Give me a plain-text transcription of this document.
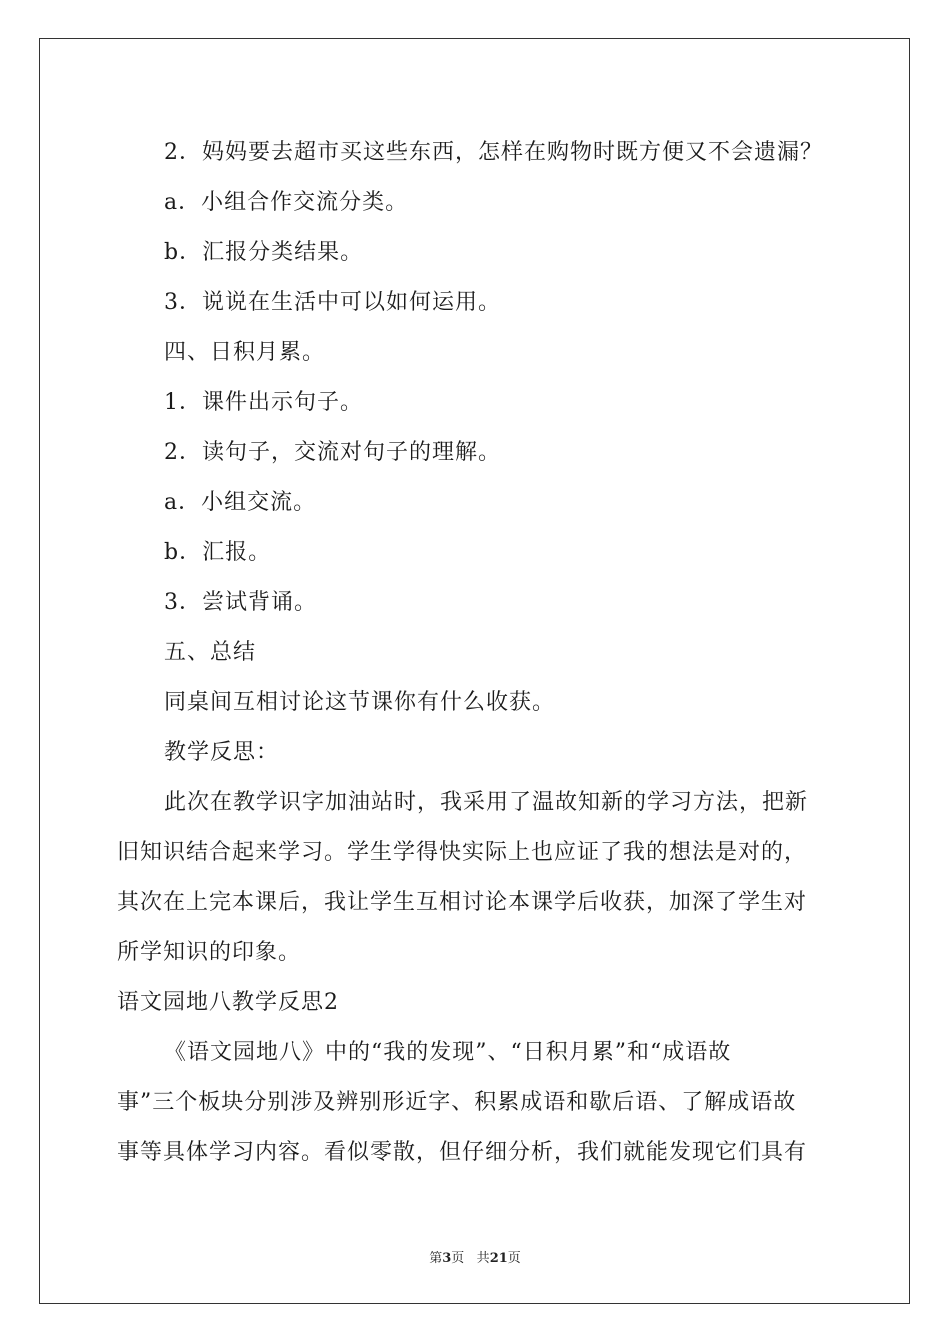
2．妈妈要去超市买这些东西，怎样在购物时既方便又不会遗漏？
a．小组合作交流分类。
b．汇报分类结果。
3．说说在生活中可以如何运用。
四、日积月累。
1．课件出示句子。
2．读句子，交流对句子的理解。
a．小组交流。
b．汇报。
3．尝试背诵。
五、总结
同桌间互相讨论这节课你有什么收获。
教学反思：
此次在教学识字加油站时，我采用了温故知新的学习方法，把新
旧知识结合起来学习。学生学得快实际上也应证了我的想法是对的，
其次在上完本课后，我让学生互相讨论本课学后收获，加深了学生对
所学知识的印象。
语文园地八教学反思2
《语文园地八》中的“我的发现”、“日积月累”和“成语故
事”三个板块分别涉及辨别形近字、积累成语和歇后语、了解成语故
事等具体学习内容。看似零散，但仔细分析，我们就能发现它们具有
第3页 共21页
